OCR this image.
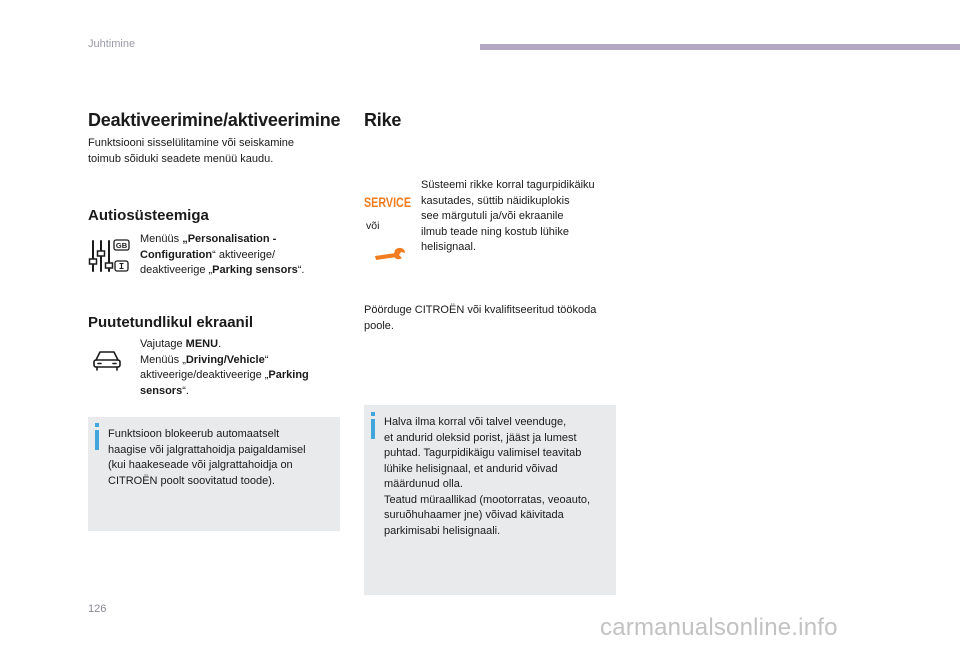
Juhtimine
Deaktiveerimine/aktiveerimine
Funktsiooni sisselülitamine või seiskamine
toimub sõiduki seadete menüü kaudu.
Autiosüsteemiga
GB
Menüüs „Personalisation -
Configuration“ aktiveerige/
deaktiveerige „Parking sensors“.
Puutetundlikul ekraanil
Vajutage MENU.
Menüüs „Driving/Vehicle“
aktiveerige/deaktiveerige „Parking
sensors“.
Funktsioon blokeerub automaatselt
haagise või jalgrattahoidja paigaldamisel
(kui haakeseade või jalgrattahoidja on
CITROËN poolt soovitatud toode).
Rike
SERVICE
või
Süsteemi rikke korral tagurpidikäiku
kasutades, süttib näidikuplokis
see märgutuli ja/või ekraanile
ilmub teade ning kostub lühike
helisignaal.
Pöörduge CITROËN või kvalifitseeritud töökoda
poole.
Halva ilma korral või talvel veenduge,
et andurid oleksid porist, jääst ja lumest
puhtad. Tagurpidikäigu valimisel teavitab
lühike helisignaal, et andurid võivad
määrdunud olla.
Teatud müraallikad (mootorratas, veoauto,
suruõhuhaamer jne) võivad käivitada
parkimisabi helisignaali.
126
carmanualsonline.info
